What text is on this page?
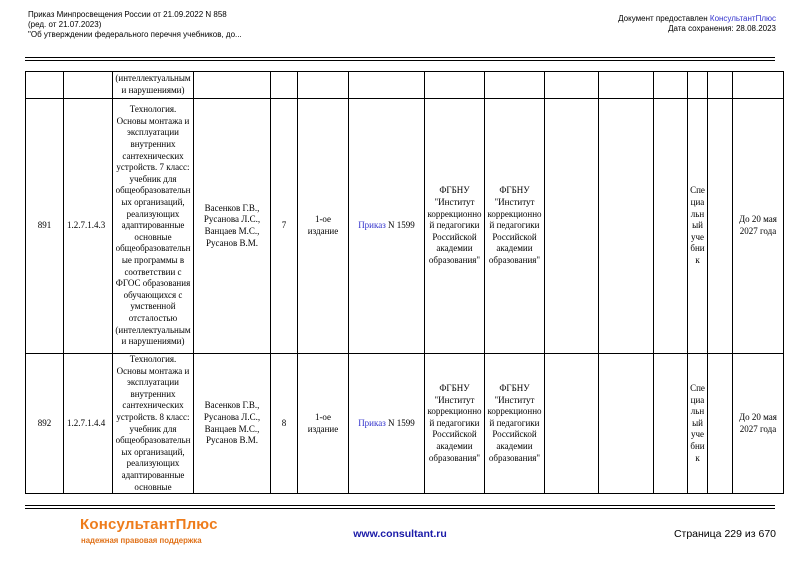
Приказ Минпросвещения России от 21.09.2022 N 858
(ред. от 21.07.2023)
"Об утверждении федерального перечня учебников, до...
Документ предоставлен КонсультантПлюс
Дата сохранения: 28.08.2023
		(интеллектуальными нарушениями)												
891	1.2.7.1.4.3	Технология. Основы монтажа и эксплуатации внутренних сантехнических устройств. 7 класс: учебник для общеобразовательных организаций, реализующих адаптированные основные общеобразовательные программы в соответствии с ФГОС образования обучающихся с умственной отсталостью (интеллектуальными нарушениями)	Васенков Г.В., Русанова Л.С., Ванцаев М.С., Русанов В.М.	7	1-ое издание	Приказ N 1599	ФГБНУ "Институт коррекционной педагогики Российской академии образования"	ФГБНУ "Институт коррекционной педагогики Российской академии образования"				Специальный учебник		До 20 мая 2027 года
892	1.2.7.1.4.4	Технология. Основы монтажа и эксплуатации внутренних сантехнических устройств. 8 класс: учебник для общеобразовательных организаций, реализующих адаптированные основные	Васенков Г.В., Русанова Л.С., Ванцаев М.С., Русанов В.М.	8	1-ое издание	Приказ N 1599	ФГБНУ "Институт коррекционной педагогики Российской академии образования"	ФГБНУ "Институт коррекционной педагогики Российской академии образования"				Специальный учебник		До 20 мая 2027 года
КонсультантПлюс
надежная правовая поддержка
www.consultant.ru	Страница 229 из 670
